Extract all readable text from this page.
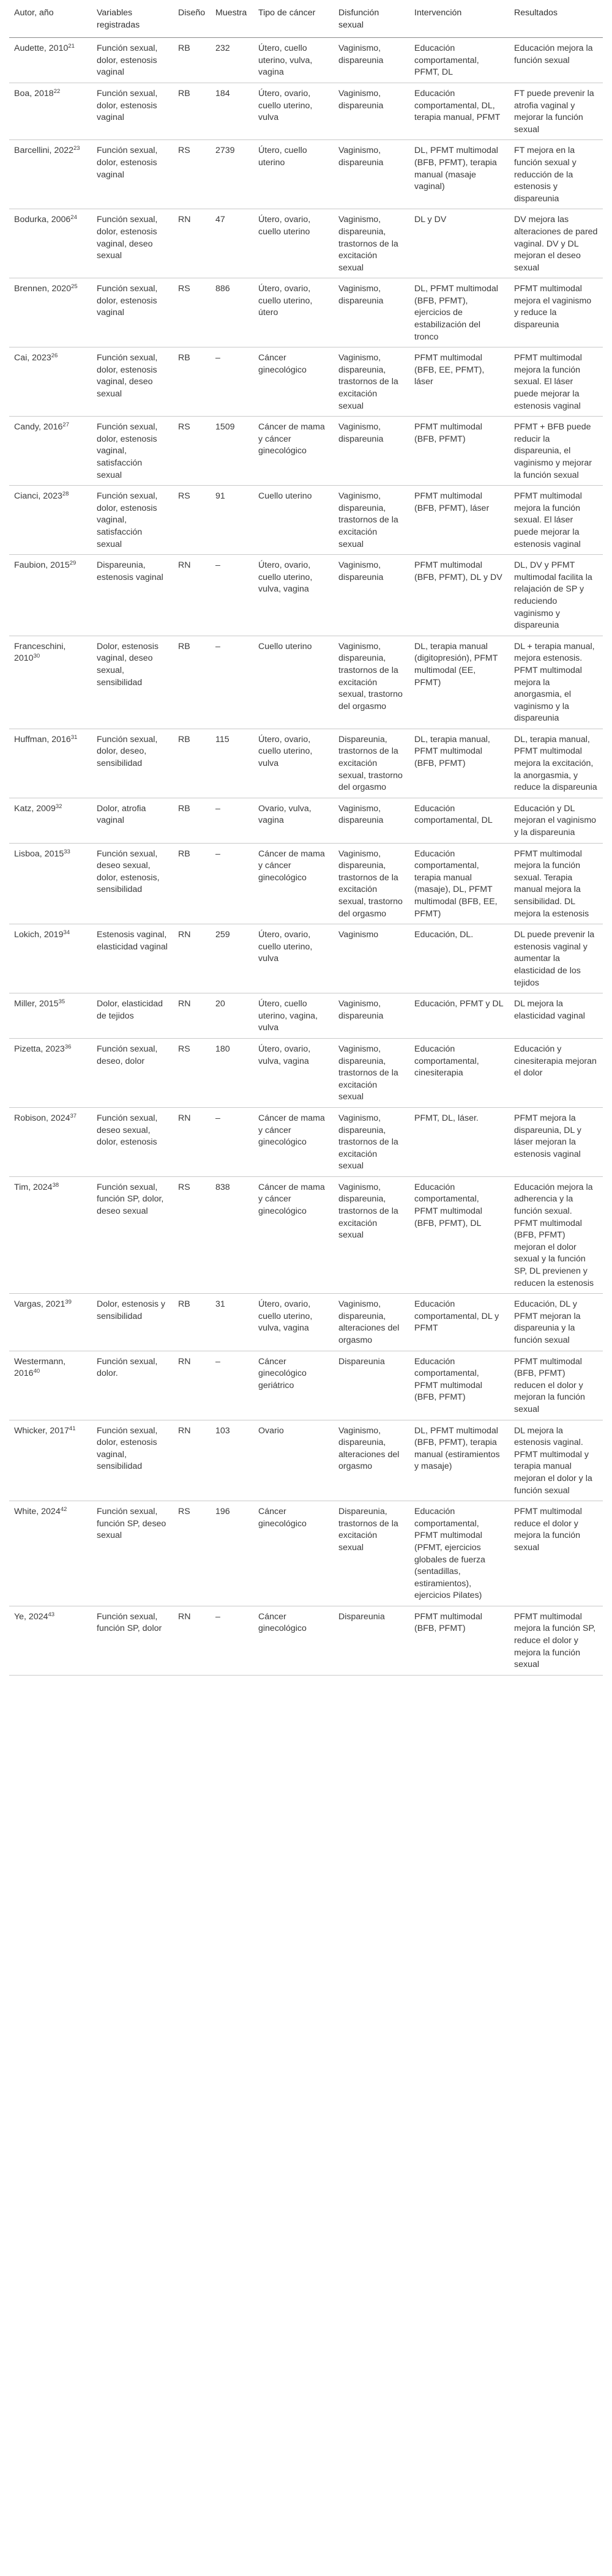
Autor, año	Variables registradas	Diseño	Muestra	Tipo de cáncer	Disfunción sexual	Intervención	Resultados
Audette, 2010$^{21}$	Función sexual, dolor, estenosis vaginal	RB	232	Útero, cuello uterino, vulva, vagina	Vaginismo, dispareunia	Educación comportamental, PFMT, DL	Educación mejora la función sexual
Boa, 2018$^{22}$	Función sexual, dolor, estenosis vaginal	RB	184	Útero, ovario, cuello uterino, vulva	Vaginismo, dispareunia	Educación comportamental, DL, terapia manual, PFMT	FT puede prevenir la atrofia vaginal y mejorar la función sexual
Barcellini, 2022$^{23}$	Función sexual, dolor, estenosis vaginal	RS	2739	Útero, cuello uterino	Vaginismo, dispareunia	DL, PFMT multimodal (BFB, PFMT), terapia manual (masaje vaginal)	FT mejora en la función sexual y reducción de la estenosis y dispareunia
Bodurka, 2006$^{24}$	Función sexual, dolor, estenosis vaginal, deseo sexual	RN	47	Útero, ovario, cuello uterino	Vaginismo, dispareunia, trastornos de la excitación sexual	DL y DV	DV mejora las alteraciones de pared vaginal. DV y DL mejoran el deseo sexual
Brennen, 2020$^{25}$	Función sexual, dolor, estenosis vaginal	RS	886	Útero, ovario, cuello uterino, útero	Vaginismo, dispareunia	DL, PFMT multimodal (BFB, PFMT), ejercicios de estabilización del tronco	PFMT multimodal mejora el vaginismo y reduce la dispareunia
Cai, 2023$^{26}$	Función sexual, dolor, estenosis vaginal, deseo sexual	RB	–	Cáncer ginecológico	Vaginismo, dispareunia, trastornos de la excitación sexual	PFMT multimodal (BFB, EE, PFMT), láser	PFMT multimodal mejora la función sexual. El láser puede mejorar la estenosis vaginal
Candy, 2016$^{27}$	Función sexual, dolor, estenosis vaginal, satisfacción sexual	RS	1509	Cáncer de mama y cáncer ginecológico	Vaginismo, dispareunia	PFMT multimodal (BFB, PFMT)	PFMT + BFB puede reducir la dispareunia, el vaginismo y mejorar la función sexual
Cianci, 2023$^{28}$	Función sexual, dolor, estenosis vaginal, satisfacción sexual	RS	91	Cuello uterino	Vaginismo, dispareunia, trastornos de la excitación sexual	PFMT multimodal (BFB, PFMT), láser	PFMT multimodal mejora la función sexual. El láser puede mejorar la estenosis vaginal
Faubion, 2015$^{29}$	Dispareunia, estenosis vaginal	RN	–	Útero, ovario, cuello uterino, vulva, vagina	Vaginismo, dispareunia	PFMT multimodal (BFB, PFMT), DL y DV	DL, DV y PFMT multimodal facilita la relajación de SP y reduciendo vaginismo y dispareunia
Franceschini, 2010$^{30}$	Dolor, estenosis vaginal, deseo sexual, sensibilidad	RB	–	Cuello uterino	Vaginismo, dispareunia, trastornos de la excitación sexual, trastorno del orgasmo	DL, terapia manual (digitopresión), PFMT multimodal (EE, PFMT)	DL + terapia manual, mejora estenosis. PFMT multimodal mejora la anorgasmia, el vaginismo y la dispareunia
Huffman, 2016$^{31}$	Función sexual, dolor, deseo, sensibilidad	RB	115	Útero, ovario, cuello uterino, vulva	Dispareunia, trastornos de la excitación sexual, trastorno del orgasmo	DL, terapia manual, PFMT multimodal (BFB, PFMT)	DL, terapia manual, PFMT multimodal mejora la excitación, la anorgasmia, y reduce la dispareunia
Katz, 2009$^{32}$	Dolor, atrofia vaginal	RB	–	Ovario, vulva, vagina	Vaginismo, dispareunia	Educación comportamental, DL	Educación y DL mejoran el vaginismo y la dispareunia
Lisboa, 2015$^{33}$	Función sexual, deseo sexual, dolor, estenosis, sensibilidad	RB	–	Cáncer de mama y cáncer ginecológico	Vaginismo, dispareunia, trastornos de la excitación sexual, trastorno del orgasmo	Educación comportamental, terapia manual (masaje), DL, PFMT multimodal (BFB, EE, PFMT)	PFMT multimodal mejora la función sexual. Terapia manual mejora la sensibilidad. DL mejora la estenosis
Lokich, 2019$^{34}$	Estenosis vaginal, elasticidad vaginal	RN	259	Útero, ovario, cuello uterino, vulva	Vaginismo	Educación, DL.	DL puede prevenir la estenosis vaginal y aumentar la elasticidad de los tejidos
Miller, 2015$^{35}$	Dolor, elasticidad de tejidos	RN	20	Útero, cuello uterino, vagina, vulva	Vaginismo, dispareunia	Educación, PFMT y DL	DL mejora la elasticidad vaginal
Pizetta, 2023$^{36}$	Función sexual, deseo, dolor	RS	180	Útero, ovario, vulva, vagina	Vaginismo, dispareunia, trastornos de la excitación sexual	Educación comportamental, cinesiterapia	Educación y cinesiterapia mejoran el dolor
Robison, 2024$^{37}$	Función sexual, deseo sexual, dolor, estenosis	RN	–	Cáncer de mama y cáncer ginecológico	Vaginismo, dispareunia, trastornos de la excitación sexual	PFMT, DL, láser.	PFMT mejora la dispareunia, DL y láser mejoran la estenosis vaginal
Tim, 2024$^{38}$	Función sexual, función SP, dolor, deseo sexual	RS	838	Cáncer de mama y cáncer ginecológico	Vaginismo, dispareunia, trastornos de la excitación sexual	Educación comportamental, PFMT multimodal (BFB, PFMT), DL	Educación mejora la adherencia y la función sexual. PFMT multimodal (BFB, PFMT) mejoran el dolor sexual y la función SP, DL previenen y reducen la estenosis
Vargas, 2021$^{39}$	Dolor, estenosis y sensibilidad	RB	31	Útero, ovario, cuello uterino, vulva, vagina	Vaginismo, dispareunia, alteraciones del orgasmo	Educación comportamental, DL y PFMT	Educación, DL y PFMT mejoran la dispareunia y la función sexual
Westermann, 2016$^{40}$	Función sexual, dolor.	RN	–	Cáncer ginecológico geriátrico	Dispareunia	Educación comportamental, PFMT multimodal (BFB, PFMT)	PFMT multimodal (BFB, PFMT) reducen el dolor y mejoran la función sexual
Whicker, 2017$^{41}$	Función sexual, dolor, estenosis vaginal, sensibilidad	RN	103	Ovario	Vaginismo, dispareunia, alteraciones del orgasmo	DL, PFMT multimodal (BFB, PFMT), terapia manual (estiramientos y masaje)	DL mejora la estenosis vaginal. PFMT multimodal y terapia manual mejoran el dolor y la función sexual
White, 2024$^{42}$	Función sexual, función SP, deseo sexual	RS	196	Cáncer ginecológico	Dispareunia, trastornos de la excitación sexual	Educación comportamental, PFMT multimodal (PFMT, ejercicios globales de fuerza (sentadillas, estiramientos), ejercicios Pilates)	PFMT multimodal reduce el dolor y mejora la función sexual
Ye, 2024$^{43}$	Función sexual, función SP, dolor	RN	–	Cáncer ginecológico	Dispareunia	PFMT multimodal (BFB, PFMT)	PFMT multimodal mejora la función SP, reduce el dolor y mejora la función sexual
